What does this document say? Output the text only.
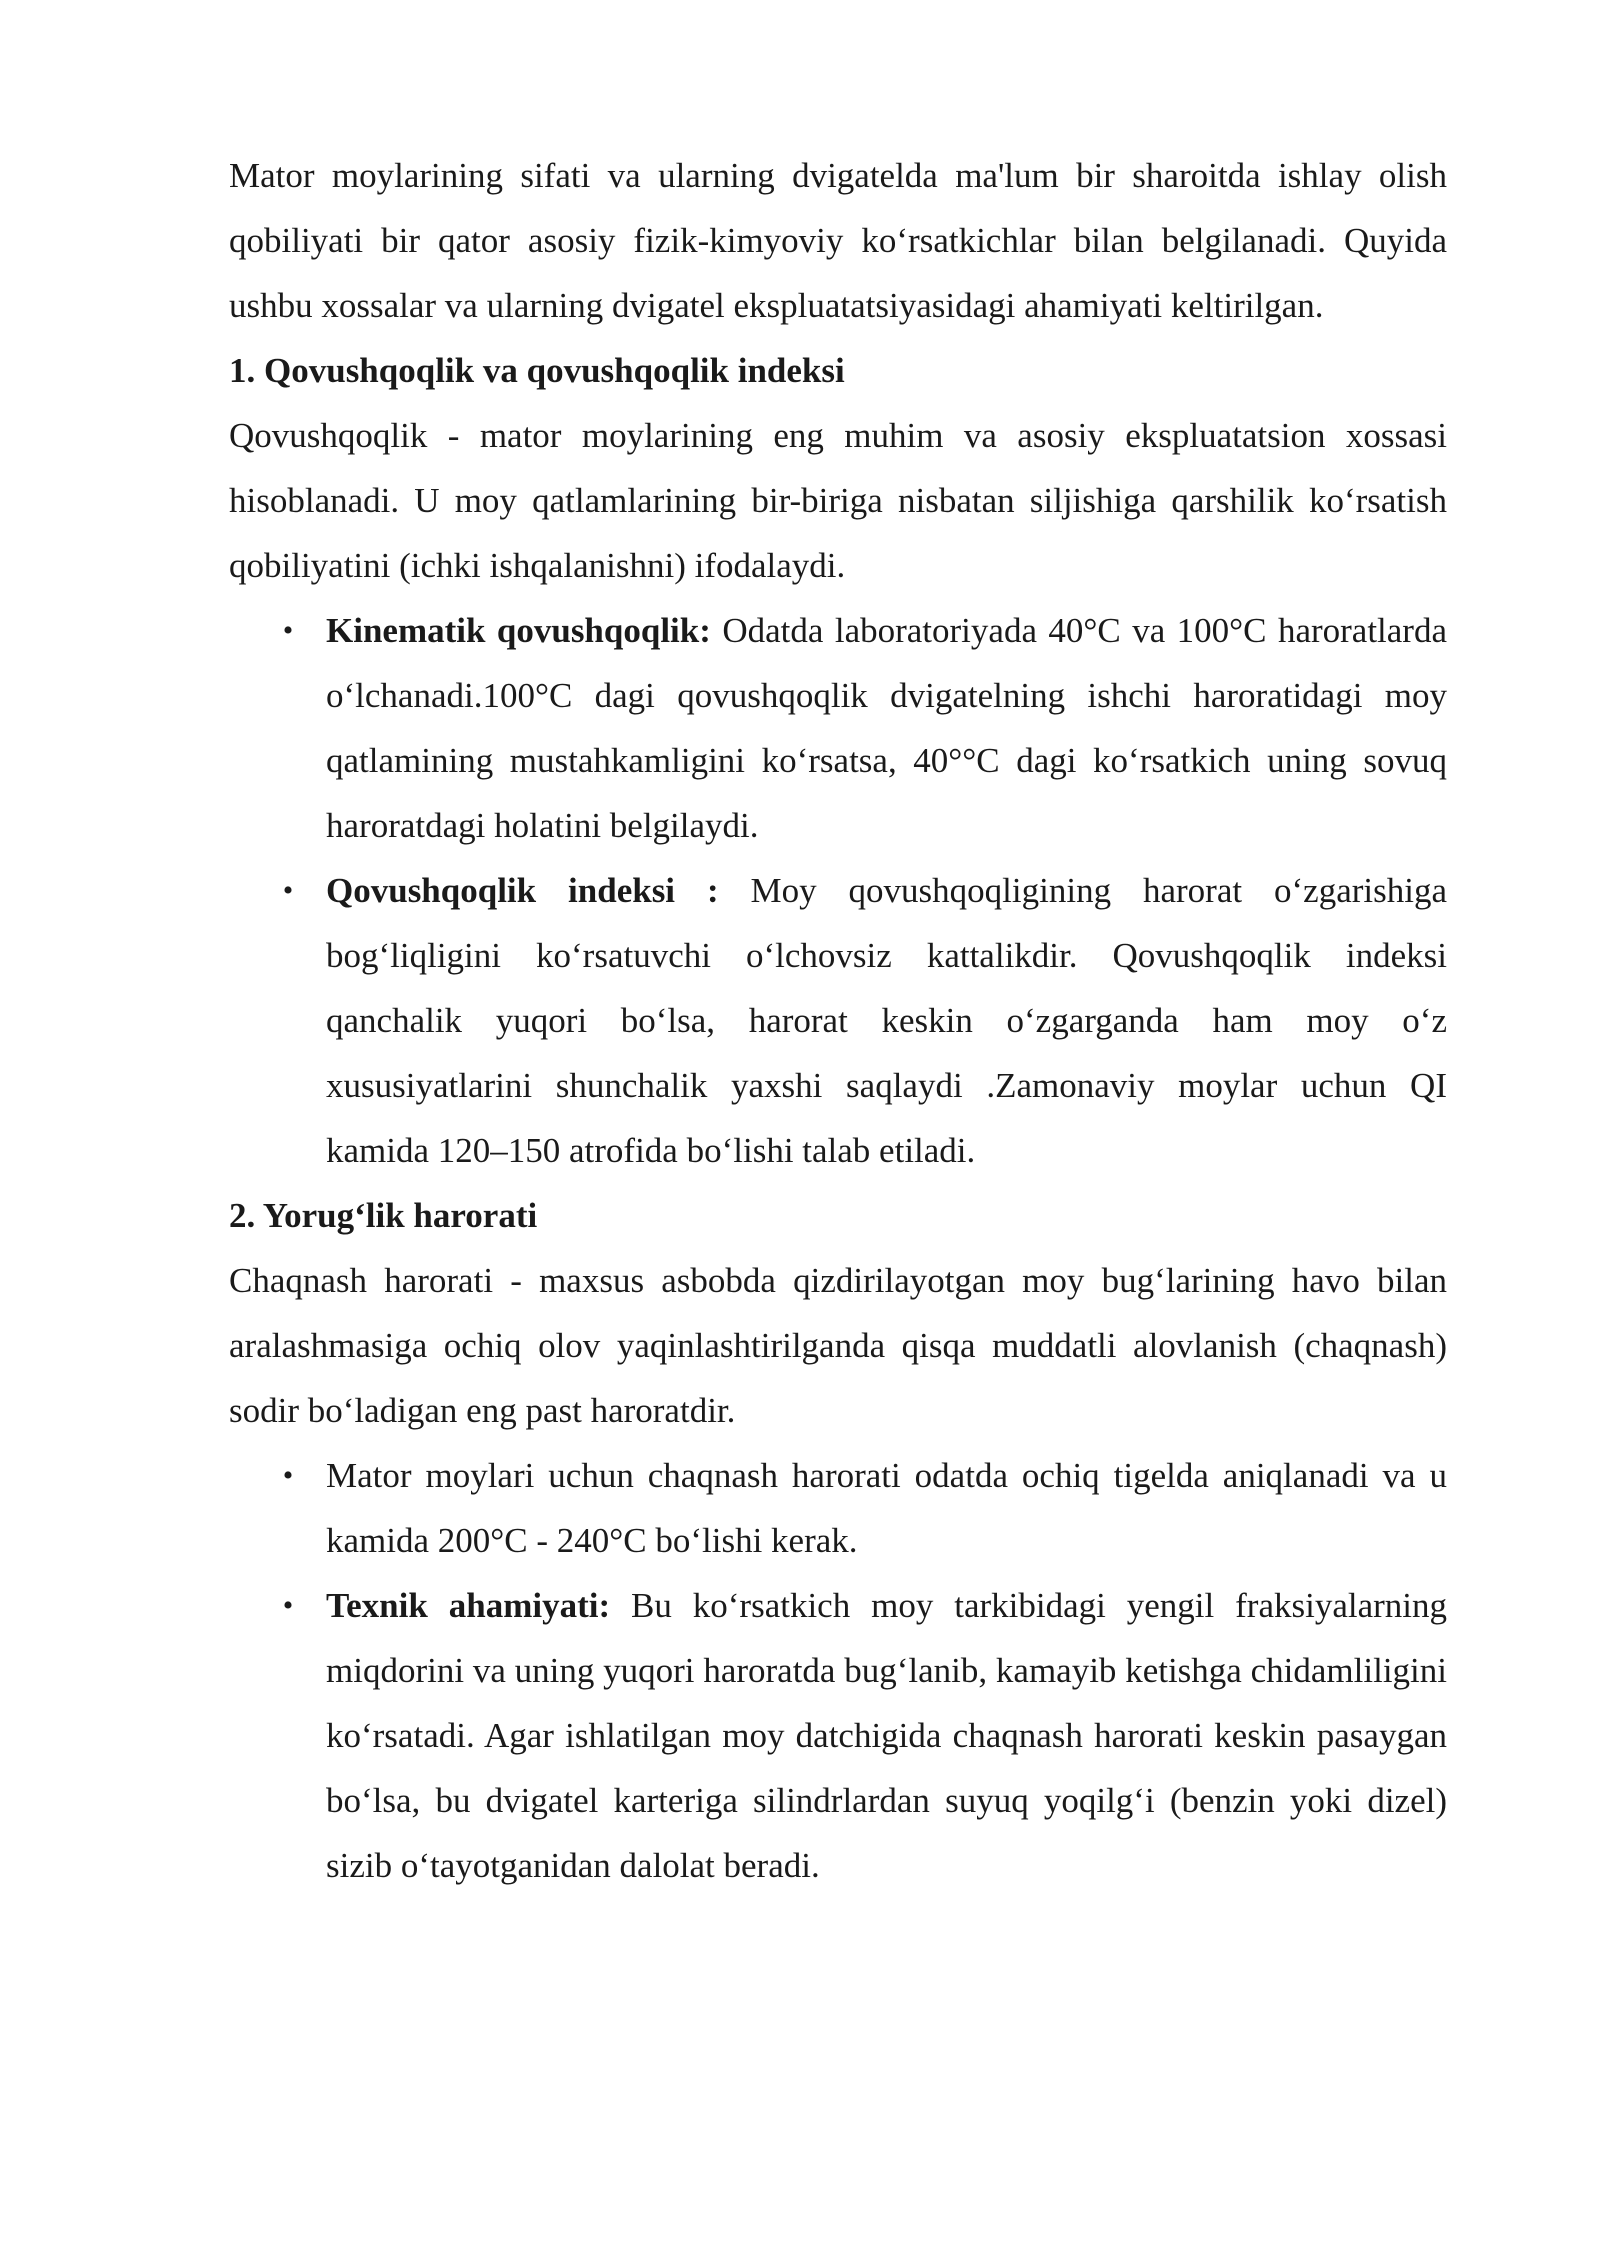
Mator moylarining sifati va ularning dvigatelda ma'lum bir sharoitda ishlay olish qobiliyati bir qator asosiy fizik-kimyoviy ko‘rsatkichlar bilan belgilanadi. Quyida ushbu xossalar va ularning dvigatel ekspluatatsiyasidagi ahamiyati keltirilgan.

1. Qovushqoqlik va qovushqoqlik indeksi

Qovushqoqlik - mator moylarining eng muhim va asosiy ekspluatatsion xossasi hisoblanadi. U moy qatlamlarining bir-biriga nisbatan siljishiga qarshilik ko‘rsatish qobiliyatini (ichki ishqalanishni) ifodalaydi.

• Kinematik qovushqoqlik: Odatda laboratoriyada 40°C va 100°C haroratlarda o‘lchanadi.100°C dagi qovushqoqlik dvigatelning ishchi haroratidagi moy qatlamining mustahkamligini ko‘rsatsa, 40°°C dagi ko‘rsatkich uning sovuq haroratdagi holatini belgilaydi.
• Qovushqoqlik indeksi : Moy qovushqoqligining harorat o‘zgarishiga bog‘liqligini ko‘rsatuvchi o‘lchovsiz kattalikdir. Qovushqoqlik indeksi qanchalik yuqori bo‘lsa, harorat keskin o‘zgarganda ham moy o‘z xususiyatlarini shunchalik yaxshi saqlaydi .Zamonaviy moylar uchun QI kamida 120–150 atrofida bo‘lishi talab etiladi.
2. Yorug‘lik harorati

Chaqnash harorati - maxsus asbobda qizdirilayotgan moy bug‘larining havo bilan aralashmasiga ochiq olov yaqinlashtirilganda qisqa muddatli alovlanish (chaqnash) sodir bo‘ladigan eng past haroratdir.

• Mator moylari uchun chaqnash harorati odatda ochiq tigelda aniqlanadi va u kamida 200°C - 240°C bo‘lishi kerak.
• Texnik ahamiyati: Bu ko‘rsatkich moy tarkibidagi yengil fraksiyalarning miqdorini va uning yuqori haroratda bug‘lanib, kamayib ketishga chidamliligini ko‘rsatadi. Agar ishlatilgan moy datchigida chaqnash harorati keskin pasaygan bo‘lsa, bu dvigatel karteriga silindrlardan suyuq yoqilg‘i (benzin yoki dizel) sizib o‘tayotganidan dalolat beradi.
